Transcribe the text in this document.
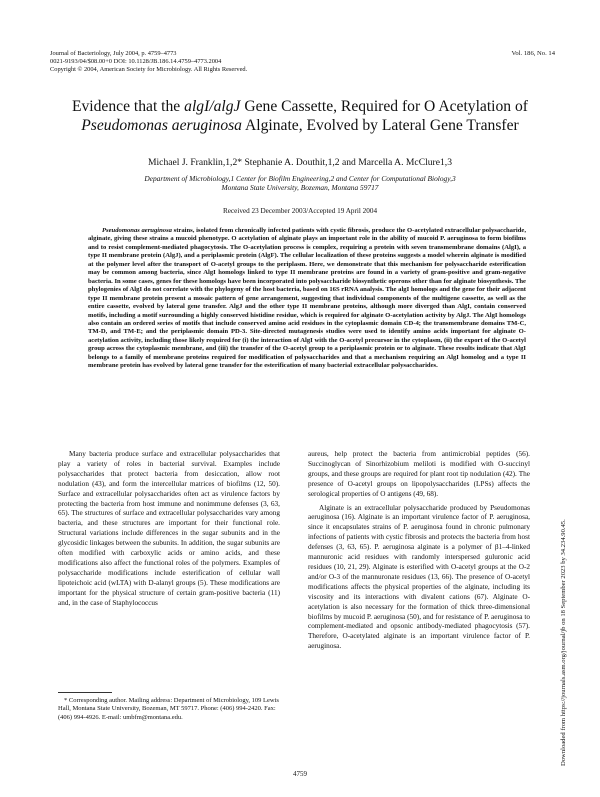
Journal of Bacteriology, July 2004, p. 4759–4773
0021-9193/04/$08.00+0 DOI: 10.1128/JB.186.14.4759–4773.2004
Copyright © 2004, American Society for Microbiology. All Rights Reserved.
Vol. 186, No. 14
Evidence that the algI/algJ Gene Cassette, Required for O Acetylation of Pseudomonas aeruginosa Alginate, Evolved by Lateral Gene Transfer
Michael J. Franklin,1,2* Stephanie A. Douthit,1,2 and Marcella A. McClure1,3
Department of Microbiology,1 Center for Biofilm Engineering,2 and Center for Computational Biology,3
Montana State University, Bozeman, Montana 59717
Received 23 December 2003/Accepted 19 April 2004

Pseudomonas aeruginosa strains, isolated from chronically infected patients with cystic fibrosis, produce the O-acetylated extracellular polysaccharide, alginate, giving these strains a mucoid phenotype. O acetylation of alginate plays an important role in the ability of mucoid P. aeruginosa to form biofilms and to resist complement-mediated phagocytosis. The O-acetylation process is complex, requiring a protein with seven transmembrane domains (AlgI), a type II membrane protein (AlgJ), and a periplasmic protein (AlgF). The cellular localization of these proteins suggests a model wherein alginate is modified at the polymer level after the transport of O-acetyl groups to the periplasm. Here, we demonstrate that this mechanism for polysaccharide esterification may be common among bacteria, since AlgI homologs linked to type II membrane proteins are found in a variety of gram-positive and gram-negative bacteria. In some cases, genes for these homologs have been incorporated into polysaccharide biosynthetic operons other than for alginate biosynthesis. The phylogenies of AlgI do not correlate with the phylogeny of the host bacteria, based on 16S rRNA analysis. The algI homologs and the gene for their adjacent type II membrane protein present a mosaic pattern of gene arrangement, suggesting that individual components of the multigene cassette, as well as the entire cassette, evolved by lateral gene transfer. AlgJ and the other type II membrane proteins, although more diverged than AlgI, contain conserved motifs, including a motif surrounding a highly conserved histidine residue, which is required for alginate O-acetylation activity by AlgJ. The AlgI homologs also contain an ordered series of motifs that include conserved amino acid residues in the cytoplasmic domain CD-4; the transmembrane domains TM-C, TM-D, and TM-E; and the periplasmic domain PD-3. Site-directed mutagenesis studies were used to identify amino acids important for alginate O-acetylation activity, including those likely required for (i) the interaction of AlgI with the O-acetyl precursor in the cytoplasm, (ii) the export of the O-acetyl group across the cytoplasmic membrane, and (iii) the transfer of the O-acetyl group to a periplasmic protein or to alginate. These results indicate that AlgI belongs to a family of membrane proteins required for modification of polysaccharides and that a mechanism requiring an AlgI homolog and a type II membrane protein has evolved by lateral gene transfer for the esterification of many bacterial extracellular polysaccharides.

Many bacteria produce surface and extracellular polysaccharides that play a variety of roles in bacterial survival. Examples include polysaccharides that protect bacteria from desiccation, allow root nodulation (43), and form the intercellular matrices of biofilms (12, 50). Surface and extracellular polysaccharides often act as virulence factors by protecting the bacteria from host immune and nonimmune defenses (3, 63, 65). The structures of surface and extracellular polysaccharides vary among bacteria, and these structures are important for their functional role. Structural variations include differences in the sugar subunits and in the glycosidic linkages between the subunits. In addition, the sugar subunits are often modified with carboxylic acids or amino acids, and these modifications also affect the functional roles of the polymers. Examples of polysaccharide modifications include esterification of cellular wall lipoteichoic acid (wLTA) with D-alanyl groups (5). These modifications are important for the physical structure of certain gram-positive bacteria (11) and, in the case of Staphylococcus

aureus, help protect the bacteria from antimicrobial peptides (56). Succinoglycan of Sinorhizobium meliloti is modified with O-succinyl groups, and these groups are required for plant root tip nodulation (42). The presence of O-acetyl groups on lipopolysaccharides (LPSs) affects the serological properties of O antigens (49, 68).

Alginate is an extracellular polysaccharide produced by Pseudomonas aeruginosa (16). Alginate is an important virulence factor of P. aeruginosa, since it encapsulates strains of P. aeruginosa found in chronic pulmonary infections of patients with cystic fibrosis and protects the bacteria from host defenses (3, 63, 65). P. aeruginosa alginate is a polymer of β1–4-linked mannuronic acid residues with randomly interspersed guluronic acid residues (10, 21, 29). Alginate is esterified with O-acetyl groups at the O-2 and/or O-3 of the mannuronate residues (13, 66). The presence of O-acetyl modifications affects the physical properties of the alginate, including its viscosity and its interactions with divalent cations (67). Alginate O-acetylation is also necessary for the formation of thick three-dimensional biofilms by mucoid P. aeruginosa (50), and for resistance of P. aeruginosa to complement-mediated and opsonic antibody-mediated phagocytosis (57). Therefore, O-acetylated alginate is an important virulence factor of P. aeruginosa.

* Corresponding author. Mailing address: Department of Microbiology, 109 Lewis Hall, Montana State University, Bozeman, MT 59717. Phone: (406) 994-2420. Fax: (406) 994-4926. E-mail: umbfm@montana.edu.

4759
Downloaded from https://journals.asm.org/journal/jb on 18 September 2023 by 34.234.90.45.
